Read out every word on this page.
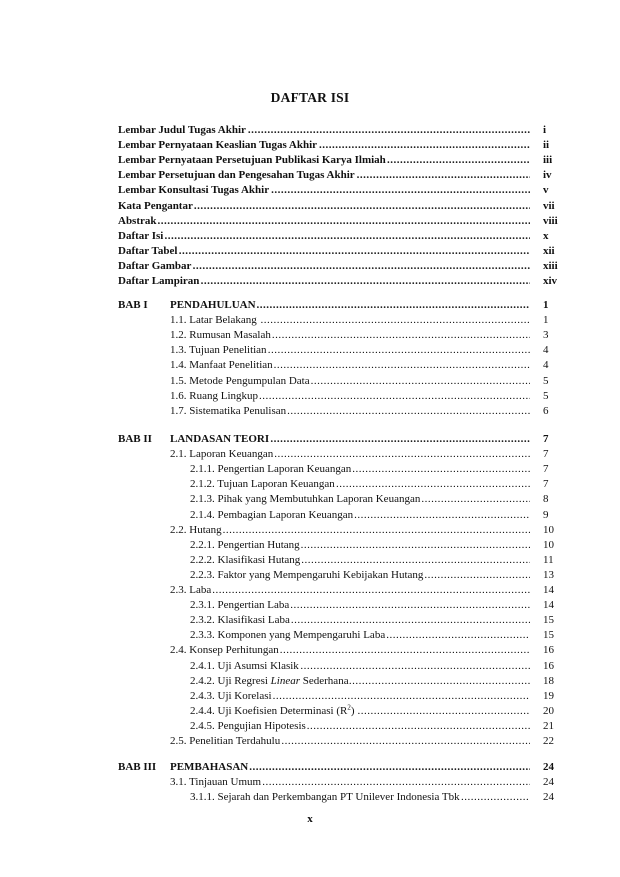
DAFTAR ISI
Lembar Judul Tugas Akhir .....	i
Lembar Pernyataan Keaslian Tugas Akhir .....	ii
Lembar Pernyataan Persetujuan Publikasi Karya Ilmiah .....	iii
Lembar Persetujuan dan Pengesahan Tugas Akhir .....	iv
Lembar Konsultasi Tugas Akhir .....	v
Kata Pengantar .....	vii
Abstrak .....	viii
Daftar Isi .....	x
Daftar Tabel .....	xii
Daftar Gambar .....	xiii
Daftar Lampiran .....	xiv
BAB I PENDAHULUAN .....	1
1.1. Latar Belakang .....	1
1.2. Rumusan Masalah .....	3
1.3. Tujuan Penelitian .....	4
1.4. Manfaat Penelitian .....	4
1.5. Metode Pengumpulan Data .....	5
1.6. Ruang Lingkup .....	5
1.7. Sistematika Penulisan .....	6
BAB II LANDASAN TEORI .....	7
2.1. Laporan Keuangan .....	7
2.1.1. Pengertian Laporan Keuangan .....	7
2.1.2. Tujuan Laporan Keuangan .....	7
2.1.3. Pihak yang Membutuhkan Laporan Keuangan .....	8
2.1.4. Pembagian Laporan Keuangan .....	9
2.2. Hutang .....	10
2.2.1. Pengertian Hutang .....	10
2.2.2. Klasifikasi Hutang .....	11
2.2.3. Faktor yang Mempengaruhi Kebijakan Hutang .....	13
2.3. Laba .....	14
2.3.1. Pengertian Laba .....	14
2.3.2. Klasifikasi Laba .....	15
2.3.3. Komponen yang Mempengaruhi Laba .....	15
2.4. Konsep Perhitungan .....	16
2.4.1. Uji Asumsi Klasik .....	16
2.4.2. Uji Regresi Linear Sederhana .....	18
2.4.3. Uji Korelasi .....	19
2.4.4. Uji Koefisien Determinasi $(R^2)$ .....	20
2.4.5. Pengujian Hipotesis .....	21
2.5. Penelitian Terdahulu .....	22
BAB III PEMBAHASAN .....	24
3.1. Tinjauan Umum .....	24
3.1.1. Sejarah dan Perkembangan PT Unilever Indonesia Tbk .....	24
x
